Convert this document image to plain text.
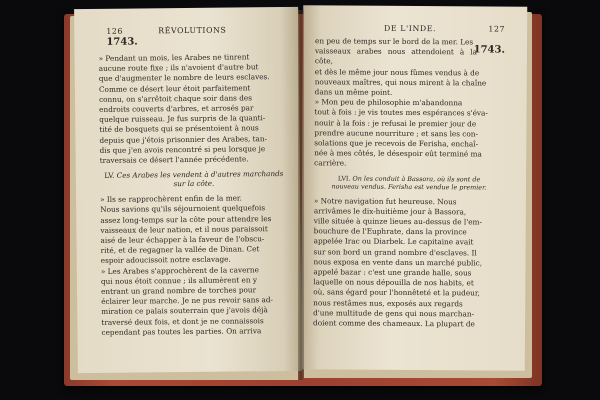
126	RÉVOLUTIONS
1743.

» Pendant un mois, les Arabes ne tinrent

aucune route fixe ; ils n'avoient d'autre but

que d'augmenter le nombre de leurs esclaves.

Comme ce désert leur étoit parfaitement

connu, on s'arrêtoit chaque soir dans des

endroits couverts d'arbres, et arrosés par

quelque ruisseau. Je fus surpris de la quanti-

tité de bosquets qui se présentoient à nous

depuis que j'étois prisonnier des Arabes, tan-

dis que j'en avois rencontré si peu lorsque je

traversais ce désert l'année précédente.

LV. Ces Arabes les vendent à d'autres marchands
sur la côte.

» Ils se rapprochèrent enfin de la mer.

Nous savions qu'ils séjournoient quelquefois

assez long-temps sur la côte pour attendre les

vaisseaux de leur nation, et il nous paraissoit

aisé de leur échapper à la faveur de l'obscu-

rité, et de regagner la vallée de Dinan. Cet

espoir adoucissoit notre esclavage.

» Les Arabes s'approchèrent de la caverne

qui nous étoit connue ; ils allumèrent en y

entrant un grand nombre de torches pour

éclairer leur marche. Je ne pus revoir sans ad-

miration ce palais souterrain que j'avois déjà

traversé deux fois, et dont je ne connaissois

cependant pas toutes les parties. On arriva

DE L'INDE.	127
1743.

en peu de temps sur le bord de la mer. Les

vaisseaux arabes nous attendoient à la côte,

et dès le même jour nous fûmes vendus à de

nouveaux maîtres, qui nous mirent à la chaîne

dans un même point.

» Mon peu de philosophie m'abandonna

tout à fois : je vis toutes mes espérances s'éva-

nouir à la fois : je refusai le premier jour de

prendre aucune nourriture ; et sans les con-

solations que je recevois de Ferisha, enchaî-

née à mes côtés, le désespoir eût terminé ma

carrière.

LVI. On les conduit à Bassora, où ils sont de
nouveau vendus. Ferisha est vendue le premier.

» Notre navigation fut heureuse. Nous

arrivâmes le dix-huitième jour à Bassora,

ville située à quinze lieues au-dessus de l'em-

bouchure de l'Euphrate, dans la province

appelée Irac ou Diarbek. Le capitaine avait

sur son bord un grand nombre d'esclaves. Il

nous exposa en vente dans un marché public,

appelé bazar : c'est une grande halle, sous

laquelle on nous dépouilla de nos habits, et

où, sans égard pour l'honnêteté et la pudeur,

nous restâmes nus, exposés aux regards

d'une multitude de gens qui nous marchan-

doient comme des chameaux. La plupart de
